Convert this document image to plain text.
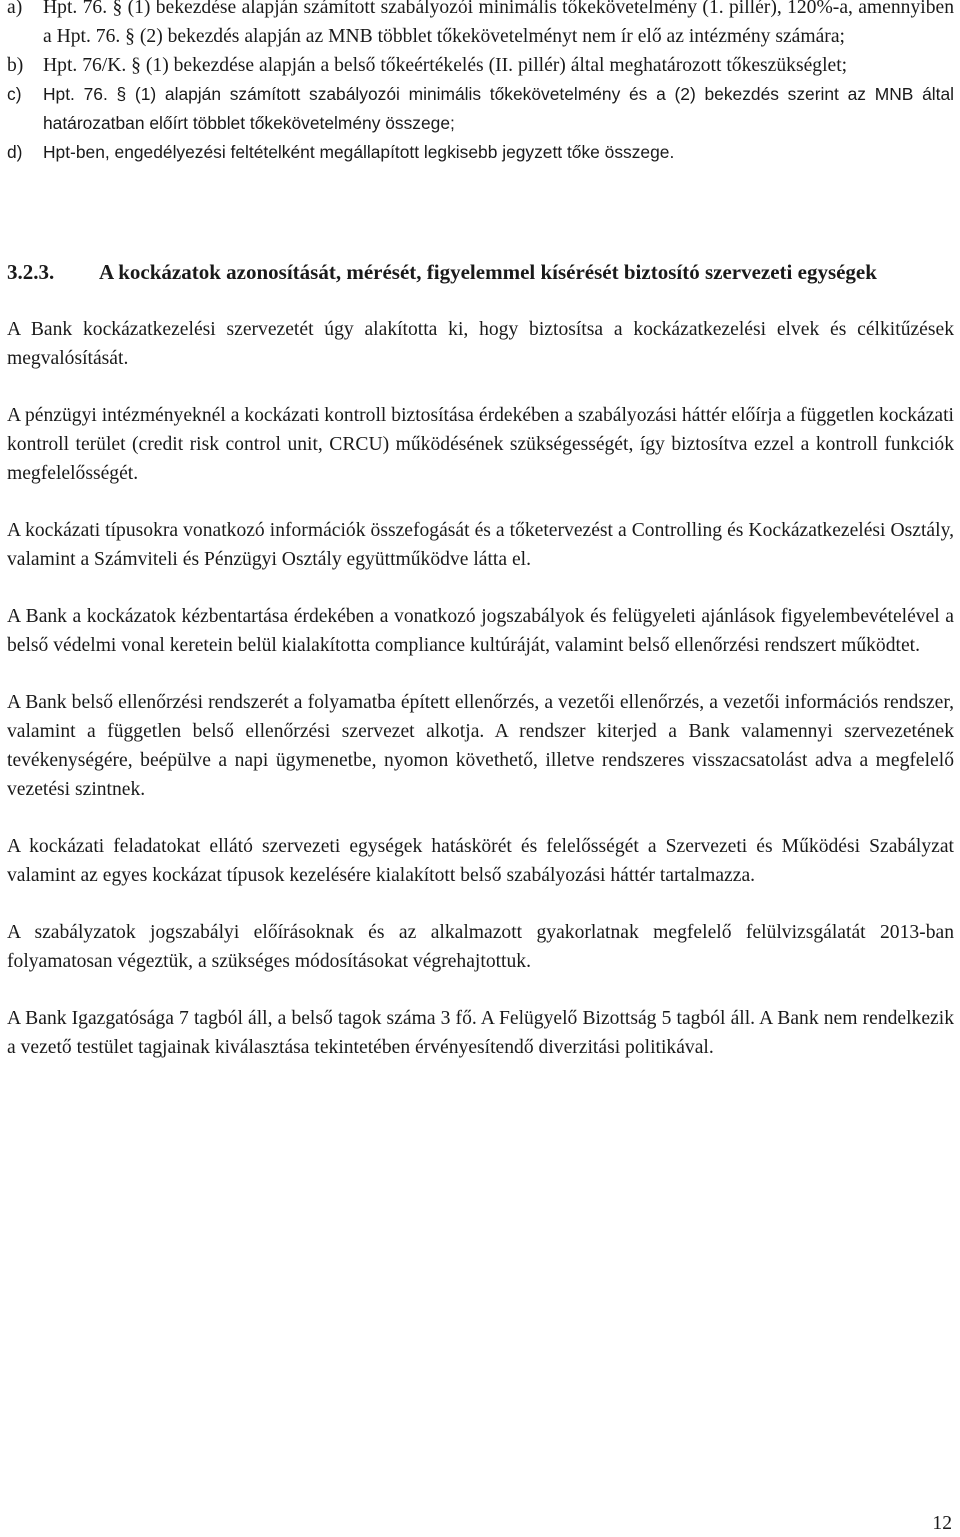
a)	Hpt. 76. § (1) bekezdése alapján számított szabályozói minimális tőkekövetelmény (1. pillér), 120%-a, amennyiben a Hpt. 76. § (2) bekezdés alapján az MNB többlet tőkekövetelményt nem ír elő az intézmény számára;
b)	Hpt. 76/K. § (1) bekezdése alapján a belső tőkeértékelés (II. pillér) által meghatározott tőkeszükséglet;
c)	Hpt. 76. § (1) alapján számított szabályozói minimális tőkekövetelmény és a (2) bekezdés szerint az MNB által határozatban előírt többlet tőkekövetelmény összege;
d)	Hpt-ben, engedélyezési feltételként megállapított legkisebb jegyzett tőke összege.
3.2.3.	A kockázatok azonosítását, mérését, figyelemmel kísérését biztosító szervezeti egységek

A Bank kockázatkezelési szervezetét úgy alakította ki, hogy biztosítsa a kockázatkezelési elvek és célkitűzések megvalósítását.

A pénzügyi intézményeknél a kockázati kontroll biztosítása érdekében a szabályozási háttér előírja a független kockázati kontroll terület (credit risk control unit, CRCU) működésének szükségességét, így biztosítva ezzel a kontroll funkciók megfelelősségét.

A kockázati típusokra vonatkozó információk összefogását és a tőketervezést a Controlling és Kockázatkezelési Osztály, valamint a Számviteli és Pénzügyi Osztály együttműködve látta el.

A Bank a kockázatok kézbentartása érdekében a vonatkozó jogszabályok és felügyeleti ajánlások figyelembevételével a belső védelmi vonal keretein belül kialakította compliance kultúráját, valamint belső ellenőrzési rendszert működtet.

A Bank belső ellenőrzési rendszerét a folyamatba épített ellenőrzés, a vezetői ellenőrzés, a vezetői információs rendszer, valamint a független belső ellenőrzési szervezet alkotja. A rendszer kiterjed a Bank valamennyi szervezetének tevékenységére, beépülve a napi ügymenetbe, nyomon követhető, illetve rendszeres visszacsatolást adva a megfelelő vezetési szintnek.

A kockázati feladatokat ellátó szervezeti egységek hatáskörét és felelősségét a Szervezeti és Működési Szabályzat valamint az egyes kockázat típusok kezelésére kialakított belső szabályozási háttér tartalmazza.

A szabályzatok jogszabályi előírásoknak és az alkalmazott gyakorlatnak megfelelő felülvizsgálatát 2013-ban folyamatosan végeztük, a szükséges módosításokat végrehajtottuk.

A Bank Igazgatósága 7 tagból áll, a belső tagok száma 3 fő. A Felügyelő Bizottság 5 tagból áll. A Bank nem rendelkezik a vezető testület tagjainak kiválasztása tekintetében érvényesítendő diverzitási politikával.

12
